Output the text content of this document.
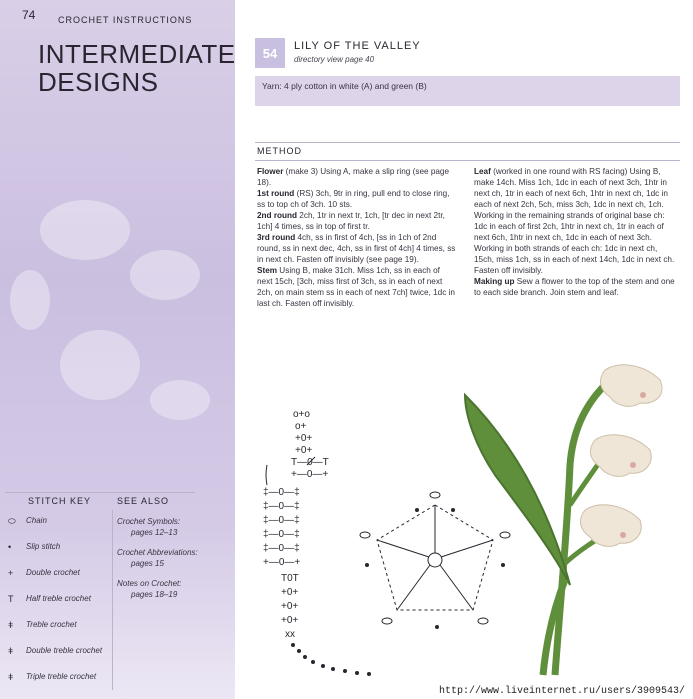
74	CROCHET INSTRUCTIONS
INTERMEDIATE
DESIGNS
54	LILY OF THE VALLEY
directory view page 40
Yarn: 4 ply cotton in white (A) and green (B)
METHOD

Flower (make 3) Using A, make a slip ring (see page 18).

1st round (RS) 3ch, 9tr in ring, pull end to close ring, ss to top ch of 3ch. 10 sts.

2nd round 2ch, 1tr in next tr, 1ch, [tr dec in next 2tr, 1ch] 4 times, ss in top of first tr.

3rd round 4ch, ss in first of 4ch, [ss in 1ch of 2nd round, ss in next dec, 4ch, ss in first of 4ch] 4 times, ss in next ch. Fasten off invisibly (see page 19).

Stem Using B, make 31ch. Miss 1ch, ss in each of next 15ch, [3ch, miss first of 3ch, ss in each of next 2ch, on main stem ss in each of next 7ch] twice, 1dc in last ch. Fasten off invisibly.

Leaf (worked in one round with RS facing) Using B, make 14ch. Miss 1ch, 1dc in each of next 3ch, 1htr in next ch, 1tr in each of next 6ch, 1htr in next ch, 1dc in each of next 2ch, 5ch, miss 3ch, 1dc in next ch, 1ch. Working in the remaining strands of original base ch: 1dc in each of first 2ch, 1htr in next ch, 1tr in each of next 6ch, 1htr in next ch, 1dc in each of next 3ch. Working in both strands of each ch: 1dc in next ch, 15ch, miss 1ch, ss in each of next 14ch, 1dc in next ch. Fasten off invisibly.

Making up Sew a flower to the top of the stem and one to each side branch. Join stem and leaf.

o+o
o+
+0+
+0+
T—0—T
+—0—+
‡—0—‡
‡—0—‡
‡—0—‡
‡—0—‡
‡—0—‡
+—0—+
T0T
+0+
+0+
+0+
xx
STITCH KEY	SEE ALSO
⬭ Chain
• Slip stitch
+ Double crochet
T Half treble crochet
ǂ Treble crochet
ǂ Double treble crochet
ǂ Triple treble crochet
Crochet Symbols:
pages 12–13
Crochet Abbreviations:
pages 15
Notes on Crochet:
pages 18–19
http://www.liveinternet.ru/users/3909543/
